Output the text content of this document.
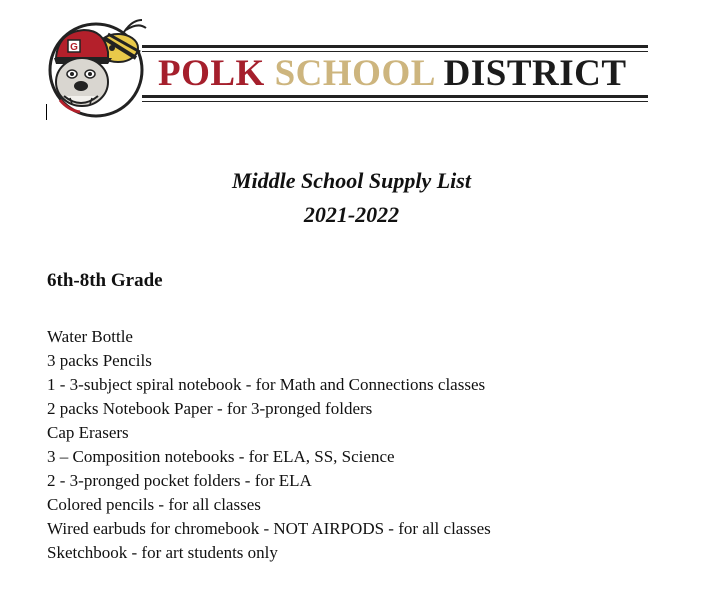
G
POLK SCHOOL DISTRICT
Middle School Supply List
2021-2022
6th-8th Grade
Water Bottle
3 packs Pencils
1 - 3-subject spiral notebook - for Math and Connections classes
2 packs Notebook Paper - for 3-pronged folders
Cap Erasers
3 – Composition notebooks - for ELA, SS, Science
2 - 3-pronged pocket folders - for ELA
Colored pencils - for all classes
Wired earbuds for chromebook - NOT AIRPODS - for all classes
Sketchbook - for art students only
